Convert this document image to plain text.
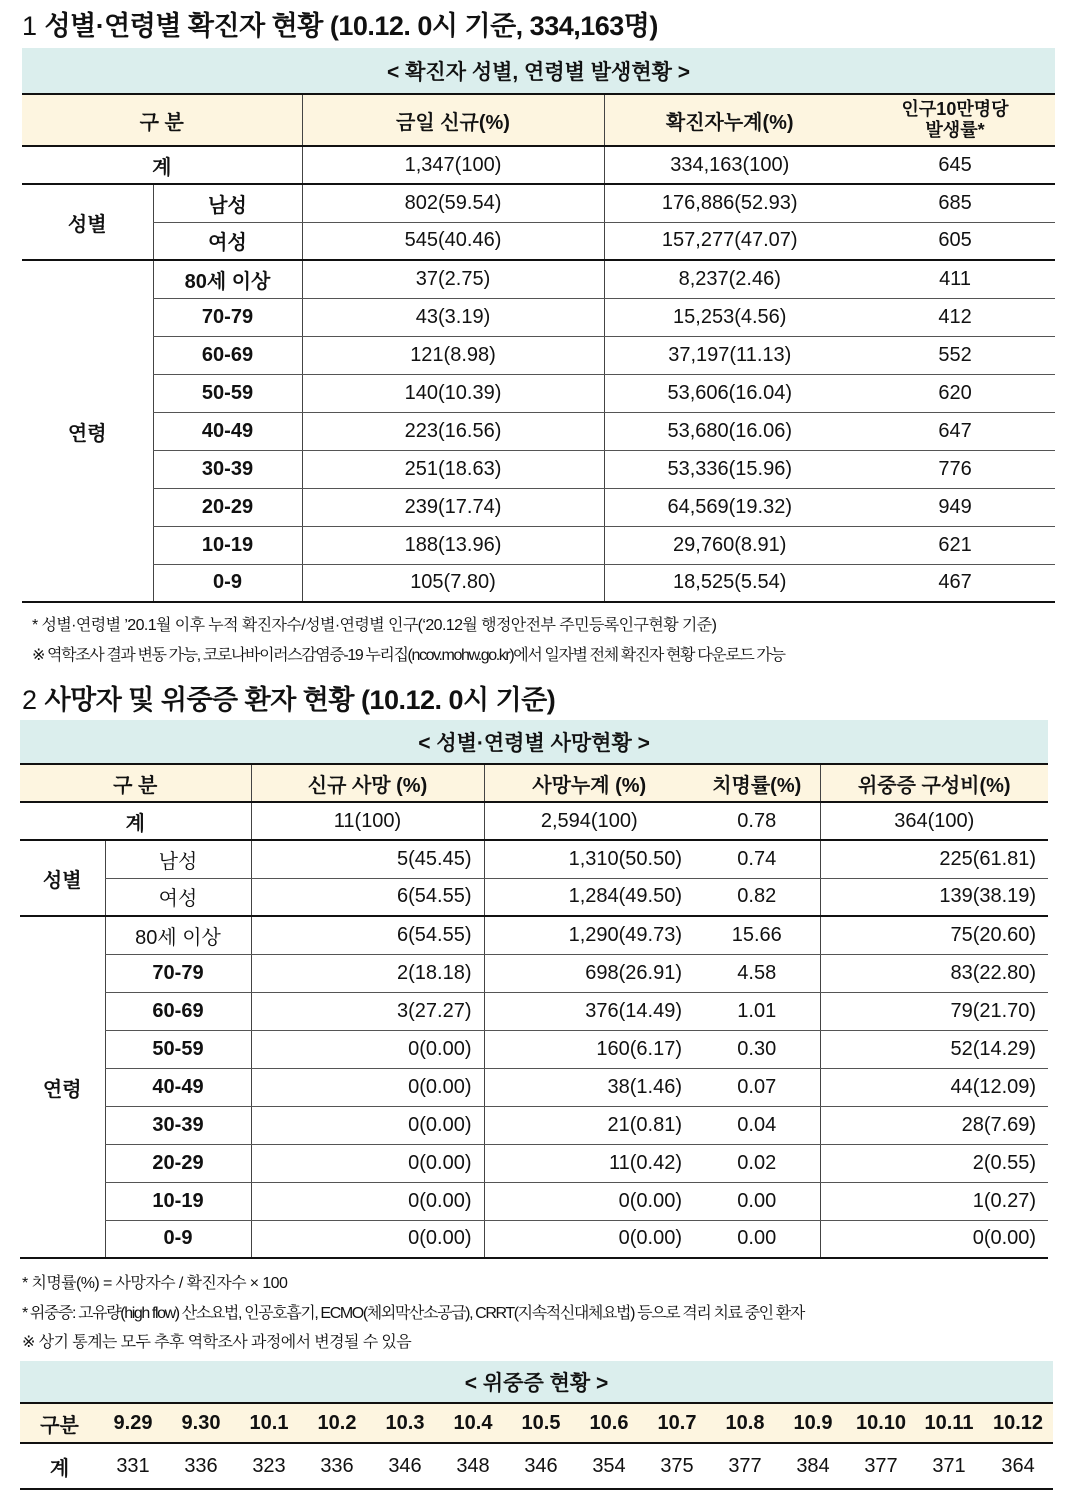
1 성별·연령별 확진자 현황 (10.12. 0시 기준, 334,163명)
< 확진자 성별, 연령별 발생현황 >				
구 분		금일 신규(%)	확진자누계(%)	인구10만명당
발생률*
계		1,347(100)	334,163(100)	645
성별	남성	802(59.54)	176,886(52.93)	685
	여성	545(40.46)	157,277(47.07)	605
연령	80세 이상	37(2.75)	8,237(2.46)	411
	70-79	43(3.19)	15,253(4.56)	412
	60-69	121(8.98)	37,197(11.13)	552
	50-59	140(10.39)	53,606(16.04)	620
	40-49	223(16.56)	53,680(16.06)	647
	30-39	251(18.63)	53,336(15.96)	776
	20-29	239(17.74)	64,569(19.32)	949
	10-19	188(13.96)	29,760(8.91)	621
	0-9	105(7.80)	18,525(5.54)	467
* 성별·연령별 ’20.1월 이후 누적 확진자수/성별·연령별 인구(‘20.12월 행정안전부 주민등록인구현황 기준)
※ 역학조사 결과 변동 가능, 코로나바이러스감염증-19 누리집(ncov.mohw.go.kr)에서 일자별 전체 확진자 현황 다운로드 가능
2 사망자 및 위중증 환자 현황 (10.12. 0시 기준)
< 성별·연령별 사망현황 >					
구 분		신규 사망 (%)	사망누계 (%)	치명률(%)	위중증 구성비(%)
계		11(100)	2,594(100)	0.78	364(100)
성별	남성	5(45.45)	1,310(50.50)	0.74	225(61.81)
	여성	6(54.55)	1,284(49.50)	0.82	139(38.19)
연령	80세 이상	6(54.55)	1,290(49.73)	15.66	75(20.60)
	70-79	2(18.18)	698(26.91)	4.58	83(22.80)
	60-69	3(27.27)	376(14.49)	1.01	79(21.70)
	50-59	0(0.00)	160(6.17)	0.30	52(14.29)
	40-49	0(0.00)	38(1.46)	0.07	44(12.09)
	30-39	0(0.00)	21(0.81)	0.04	28(7.69)
	20-29	0(0.00)	11(0.42)	0.02	2(0.55)
	10-19	0(0.00)	0(0.00)	0.00	1(0.27)
	0-9	0(0.00)	0(0.00)	0.00	0(0.00)
* 치명률(%) = 사망자수 / 확진자수 × 100
* 위중증: 고유량(high flow) 산소요법, 인공호흡기, ECMO(체외막산소공급), CRRT(지속적신대체요법) 등으로 격리 치료 중인 환자
※ 상기 통계는 모두 추후 역학조사 과정에서 변경될 수 있음
< 위중증 현황 >														
구분	9.29	9.30	10.1	10.2	10.3	10.4	10.5	10.6	10.7	10.8	10.9	10.10	10.11	10.12
계	331	336	323	336	346	348	346	354	375	377	384	377	371	364
